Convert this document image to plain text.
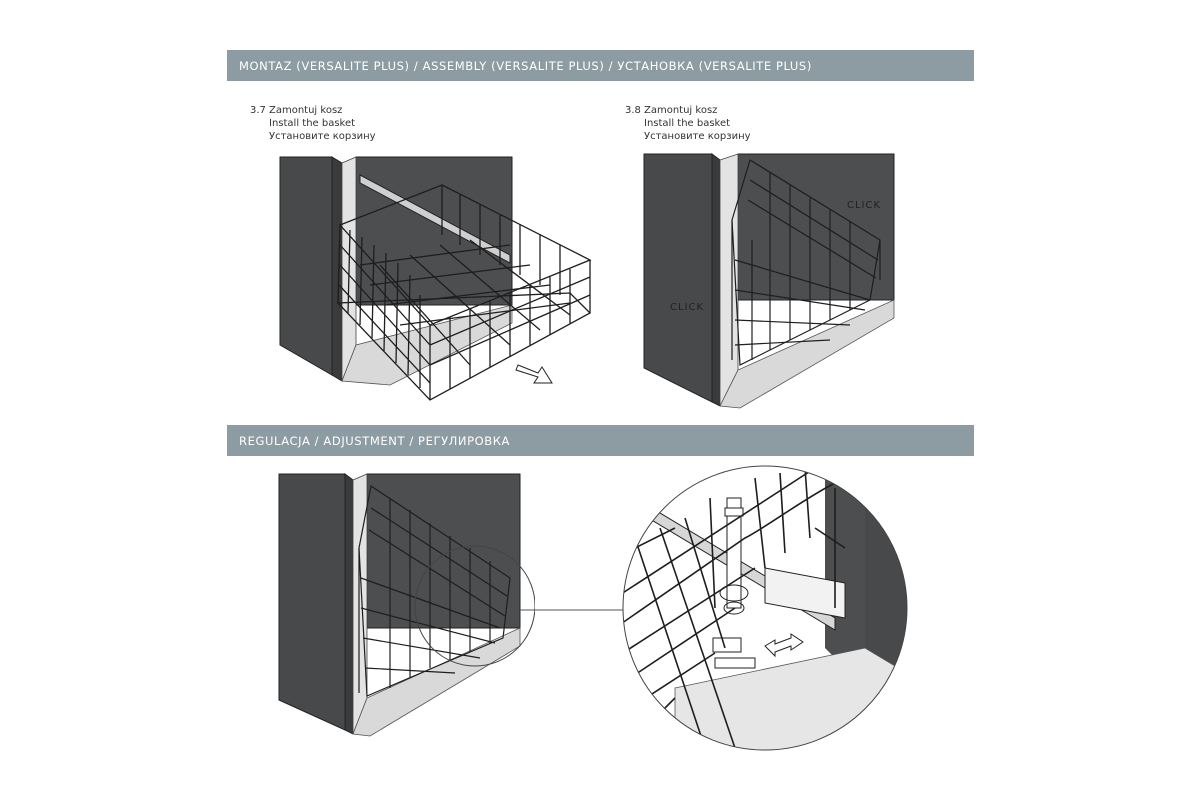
MONTAZ (VERSALITE PLUS) / ASSEMBLY (VERSALITE PLUS) / УСТАНОВКА (VERSALITE PLUS)
REGULACJA / ADJUSTMENT / РЕГУЛИРОВКА
3.7 Zamontuj kosz
Install the basket
Установите корзину
3.8 Zamontuj kosz
Install the basket
Установите корзину
CLICK
CLICK
